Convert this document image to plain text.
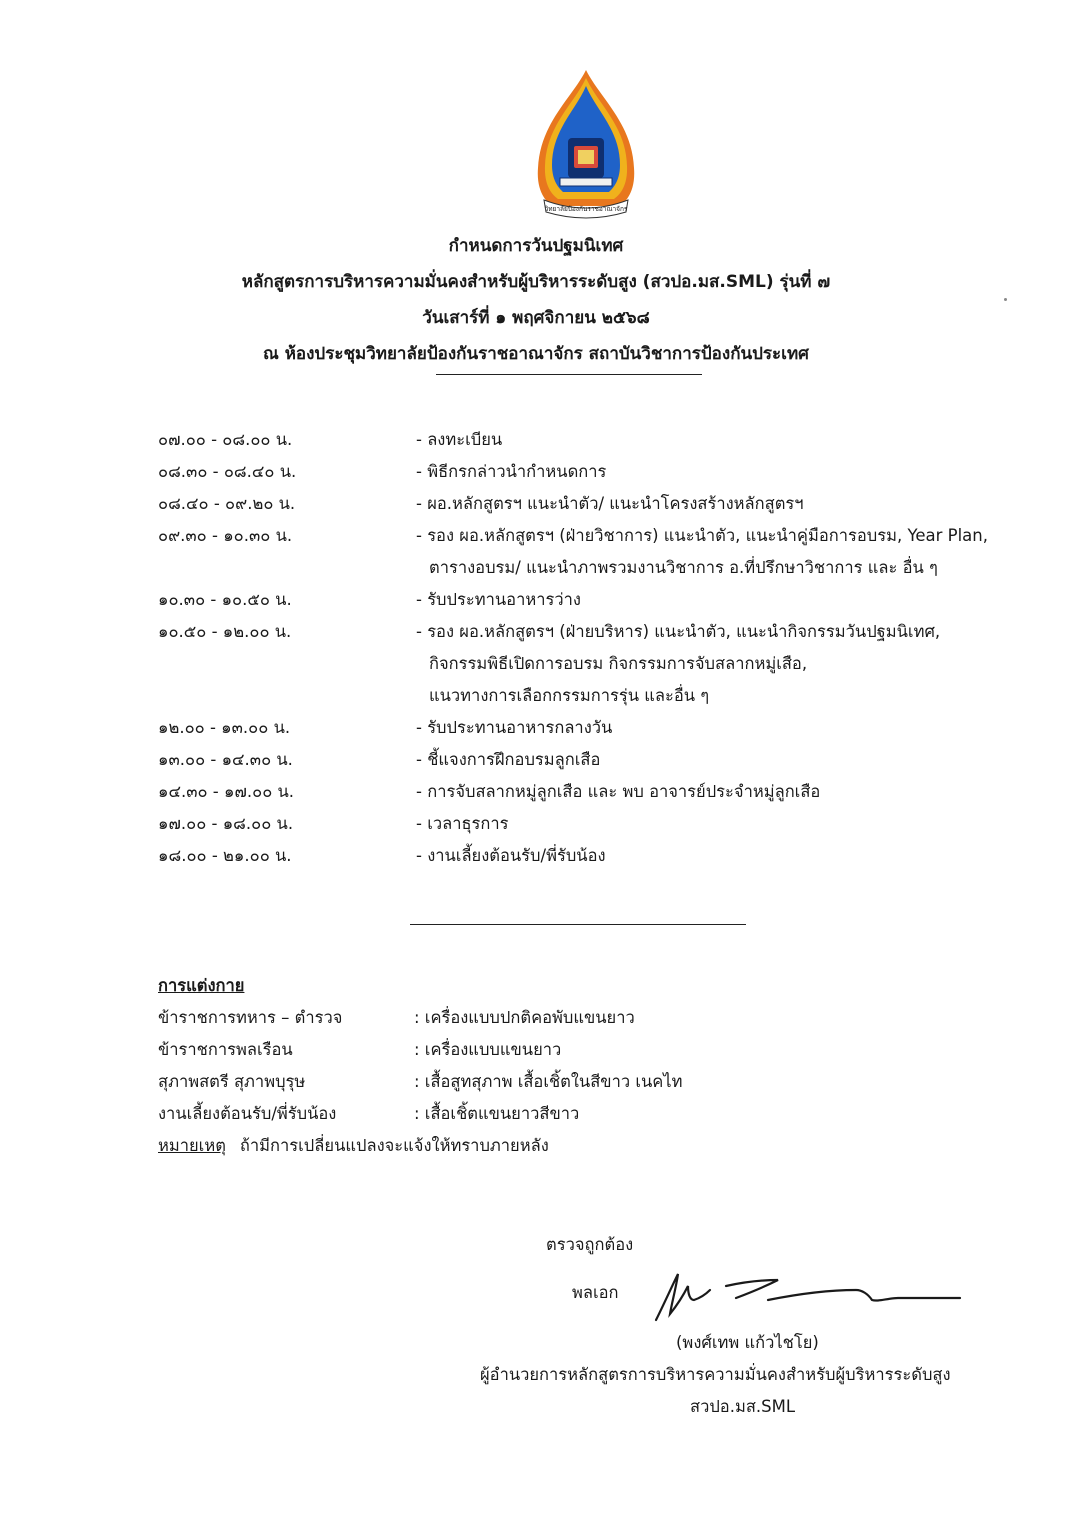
วิทยาลัยป้องกันราชอาณาจักร
กำหนดการวันปฐมนิเทศ
หลักสูตรการบริหารความมั่นคงสำหรับผู้บริหารระดับสูง (สวปอ.มส.SML) รุ่นที่ ๗
วันเสาร์ที่ ๑ พฤศจิกายน ๒๕๖๘
ณ ห้องประชุมวิทยาลัยป้องกันราชอาณาจักร สถาบันวิชาการป้องกันประเทศ
๐๗.๐๐ - ๐๘.๐๐ น.	- ลงทะเบียน
๐๘.๓๐ - ๐๘.๔๐ น.	- พิธีกรกล่าวนำกำหนดการ
๐๘.๔๐ - ๐๙.๒๐ น.	- ผอ.หลักสูตรฯ แนะนำตัว/ แนะนำโครงสร้างหลักสูตรฯ
๐๙.๓๐ - ๑๐.๓๐ น.	- รอง ผอ.หลักสูตรฯ (ฝ่ายวิชาการ) แนะนำตัว, แนะนำคู่มือการอบรม, Year Plan,
ตารางอบรม/ แนะนำภาพรวมงานวิชาการ อ.ที่ปรึกษาวิชาการ และ อื่น ๆ
๑๐.๓๐ - ๑๐.๕๐ น.	- รับประทานอาหารว่าง
๑๐.๕๐ - ๑๒.๐๐ น.	- รอง ผอ.หลักสูตรฯ (ฝ่ายบริหาร) แนะนำตัว, แนะนำกิจกรรมวันปฐมนิเทศ,
กิจกรรมพิธีเปิดการอบรม กิจกรรมการจับสลากหมู่เสือ,
แนวทางการเลือกกรรมการรุ่น และอื่น ๆ
๑๒.๐๐ - ๑๓.๐๐ น.	- รับประทานอาหารกลางวัน
๑๓.๐๐ - ๑๔.๓๐ น.	- ชี้แจงการฝึกอบรมลูกเสือ
๑๔.๓๐ - ๑๗.๐๐ น.	- การจับสลากหมู่ลูกเสือ และ พบ อาจารย์ประจำหมู่ลูกเสือ
๑๗.๐๐ - ๑๘.๐๐ น.	- เวลาธุรการ
๑๘.๐๐ - ๒๑.๐๐ น.	- งานเลี้ยงต้อนรับ/พี่รับน้อง
การแต่งกาย
ข้าราชการทหาร – ตำรวจ	: เครื่องแบบปกติคอพับแขนยาว
ข้าราชการพลเรือน	: เครื่องแบบแขนยาว
สุภาพสตรี สุภาพบุรุษ	: เสื้อสูทสุภาพ เสื้อเชิ้ตในสีขาว เนคไท
งานเลี้ยงต้อนรับ/พี่รับน้อง	: เสื้อเชิ้ตแขนยาวสีขาว
หมายเหตุ ถ้ามีการเปลี่ยนแปลงจะแจ้งให้ทราบภายหลัง
ตรวจถูกต้อง
พลเอก
(พงศ์เทพ แก้วไชโย)
ผู้อำนวยการหลักสูตรการบริหารความมั่นคงสำหรับผู้บริหารระดับสูง
สวปอ.มส.SML
